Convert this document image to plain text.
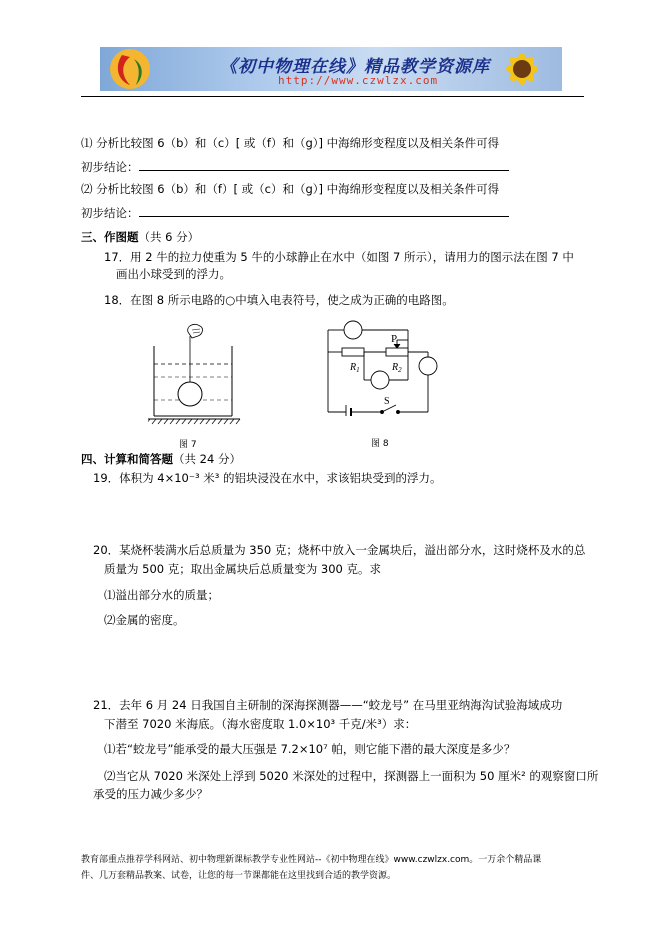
《初中物理在线》精品教学资源库
http://www.czwlzx.com
⑴ 分析比较图 6（b）和（c）[ 或（f）和（g）] 中海绵形变程度以及相关条件可得
初步结论：
⑵ 分析比较图 6（b）和（f）[ 或（c）和（g）] 中海绵形变程度以及相关条件可得
初步结论：
三、作图题（共 6 分）
17．用 2 牛的拉力使重为 5 牛的小球静止在水中（如图 7 所示），请用力的图示法在图 7 中
画出小球受到的浮力。
18．在图 8 所示电路的○中填入电表符号，使之成为正确的电路图。
图 7
P
$R_1$	$R_2$
S
图 8
四、计算和简答题（共 24 分）
19．体积为 4×10⁻³ 米³ 的铝块浸没在水中，求该铝块受到的浮力。
20．某烧杯装满水后总质量为 350 克；烧杯中放入一金属块后，溢出部分水，这时烧杯及水的总
质量为 500 克；取出金属块后总质量变为 300 克。求
⑴溢出部分水的质量；
⑵金属的密度。
21．去年 6 月 24 日我国自主研制的深海探测器——“蛟龙号” 在马里亚纳海沟试验海域成功
下潜至 7020 米海底。（海水密度取 1.0×10³ 千克/米³）求：
⑴若“蛟龙号”能承受的最大压强是 7.2×10⁷ 帕，则它能下潜的最大深度是多少？
⑵当它从 7020 米深处上浮到 5020 米深处的过程中，探测器上一面积为 50 厘米² 的观察窗口所
承受的压力减少多少？
教育部重点推荐学科网站、初中物理新课标教学专业性网站--《初中物理在线》www.czwlzx.com。一万余个精品课
件、几万套精品教案、试卷，让您的每一节课都能在这里找到合适的教学资源。
